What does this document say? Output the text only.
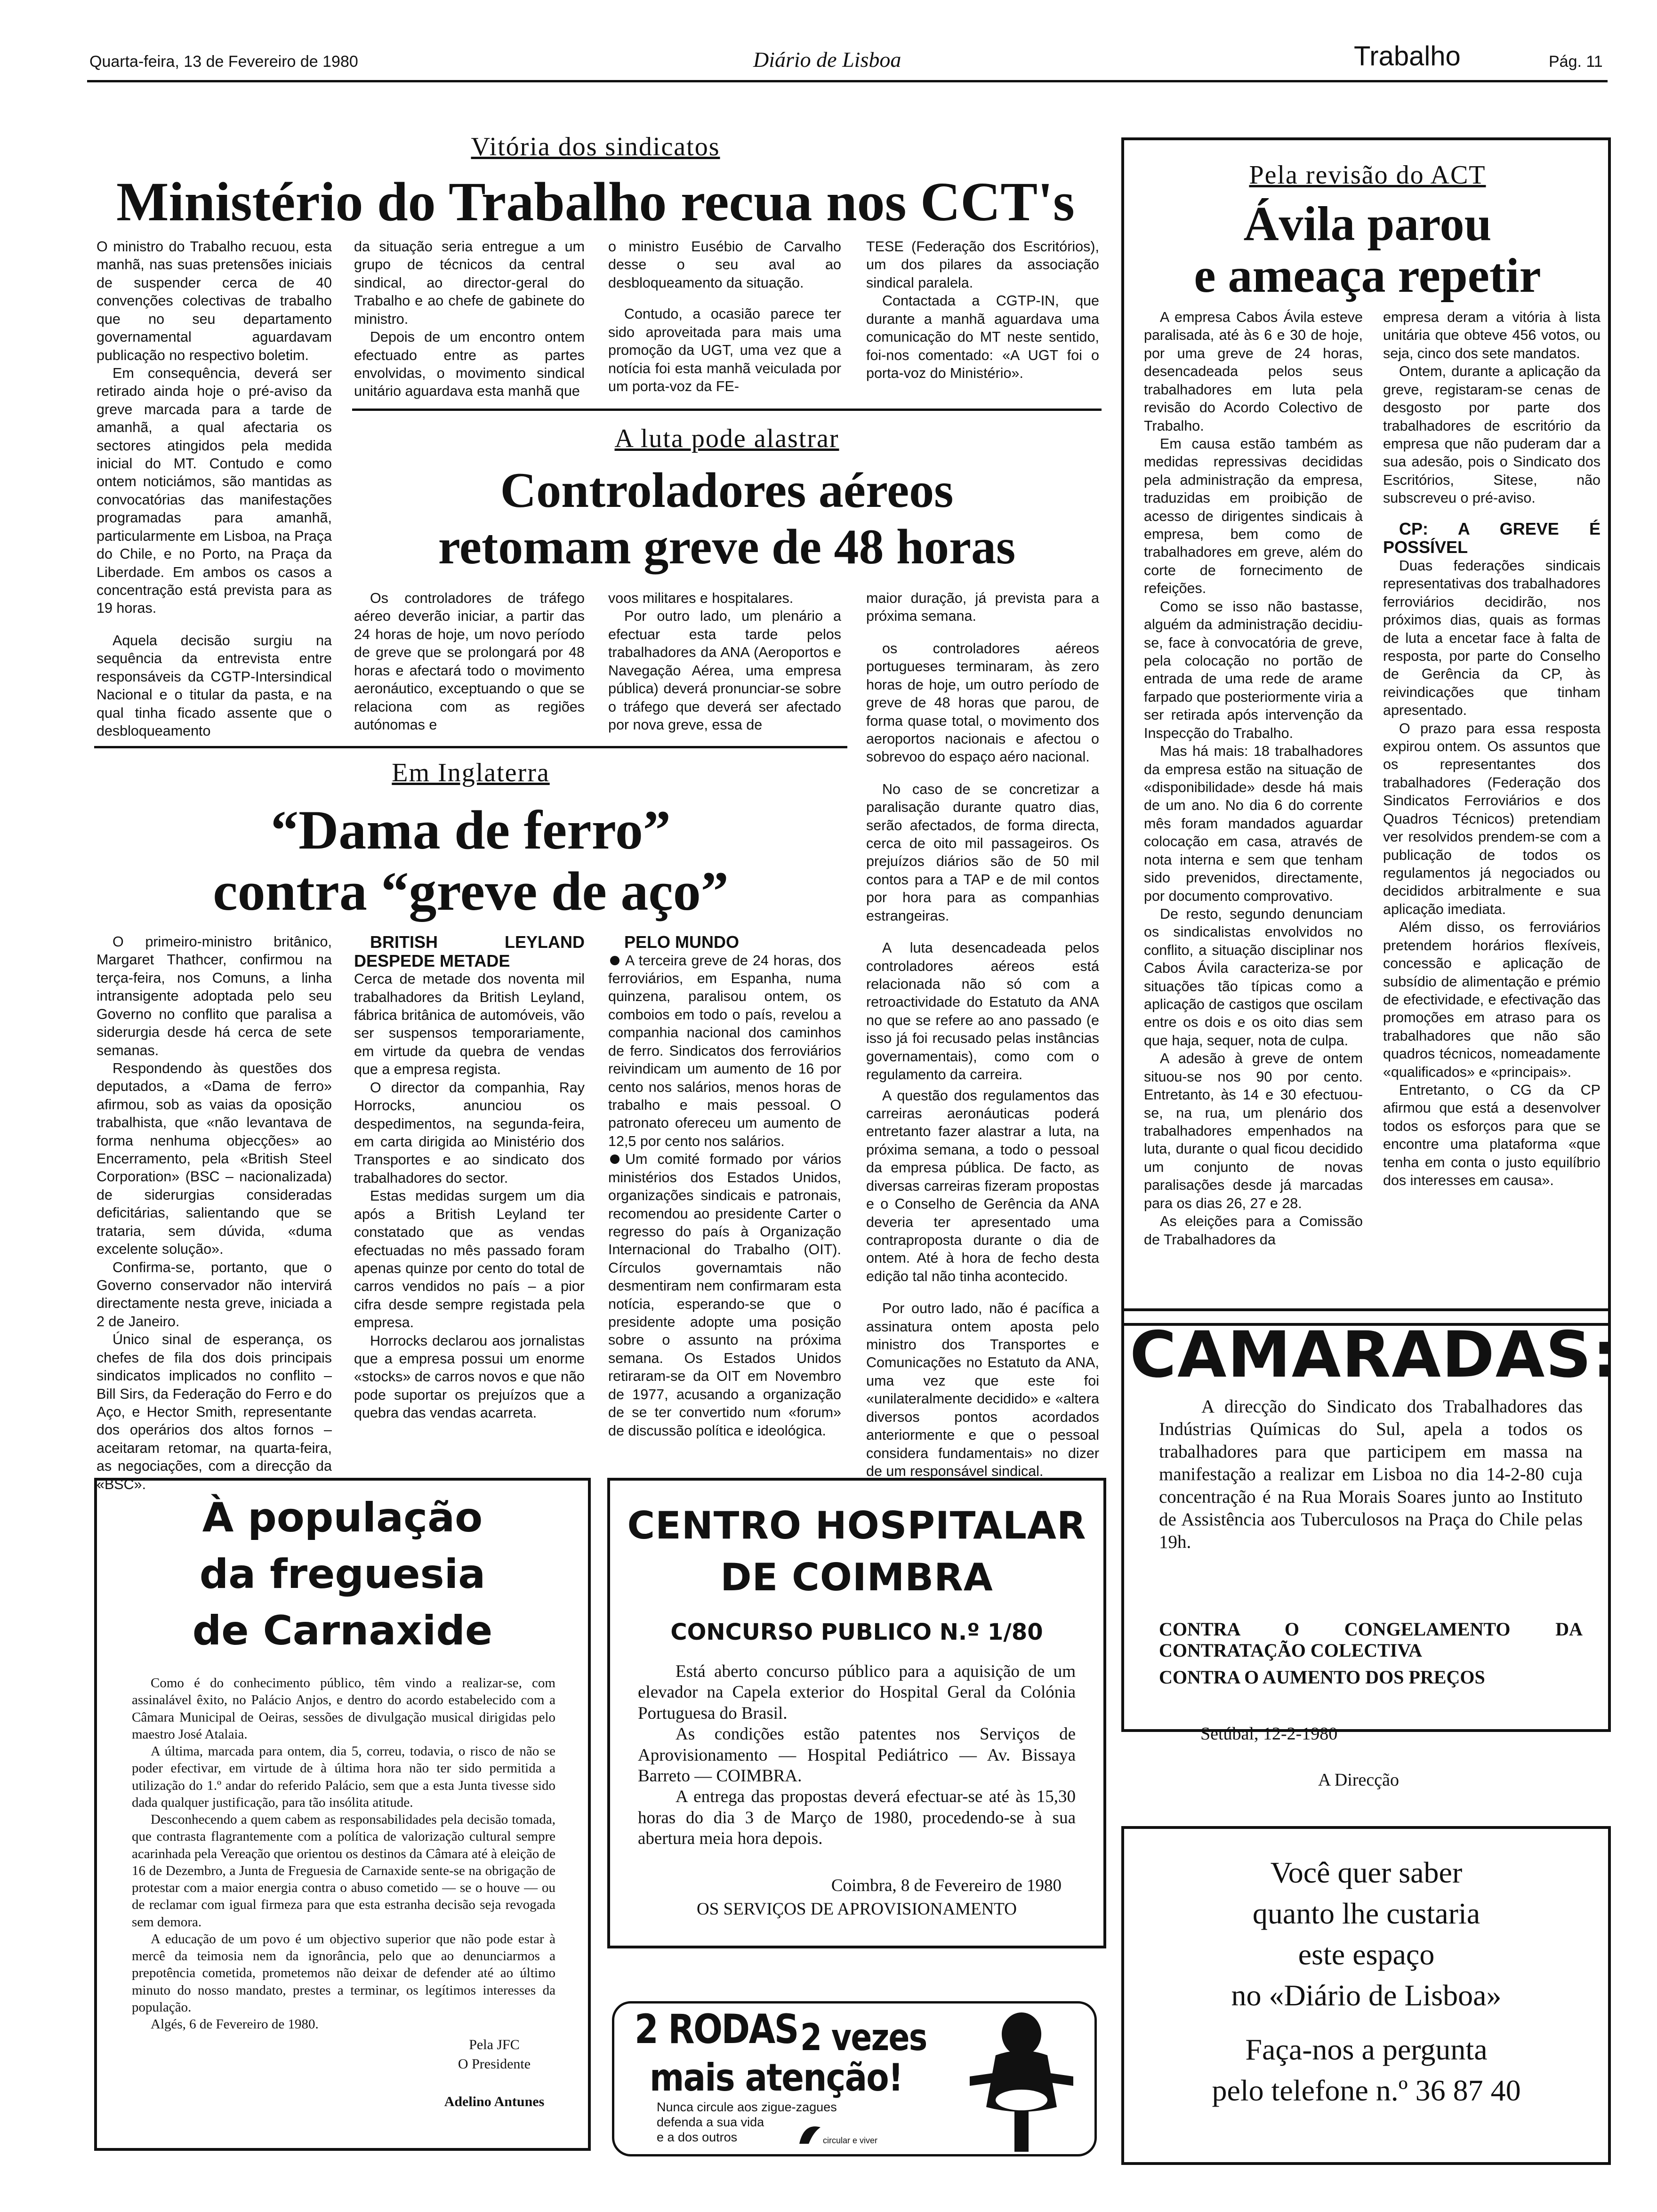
Quarta-feira, 13 de Fevereiro de 1980	Diário de Lisboa	Trabalho	Pág. 11
Vitória dos sindicatos
Ministério do Trabalho recua nos CCT's

O ministro do Trabalho recuou, esta manhã, nas suas pretensões iniciais de suspender cerca de 40 convenções colectivas de trabalho que no seu departamento governamental aguardavam publicação no respectivo boletim.

Em consequência, deverá ser retirado ainda hoje o pré-aviso da greve marcada para a tarde de amanhã, a qual afectaria os sectores atingidos pela medida inicial do MT. Contudo e como ontem noticiámos, são mantidas as convocatórias das manifestações programadas para amanhã, particularmente em Lisboa, na Praça do Chile, e no Porto, na Praça da Liberdade. Em ambos os casos a concentração está prevista para as 19 horas.

Aquela decisão surgiu na sequência da entrevista entre responsáveis da CGTP-Intersindical Nacional e o titular da pasta, e na qual tinha ficado assente que o desbloqueamento

da situação seria entregue a um grupo de técnicos da central sindical, ao director-geral do Trabalho e ao chefe de gabinete do ministro.

Depois de um encontro ontem efectuado entre as partes envolvidas, o movimento sindical unitário aguardava esta manhã que

o ministro Eusébio de Carvalho desse o seu aval ao desbloqueamento da situação.

Contudo, a ocasião parece ter sido aproveitada para mais uma promoção da UGT, uma vez que a notícia foi esta manhã veiculada por um porta-voz da FE-

TESE (Federação dos Escritórios), um dos pilares da associação sindical paralela.

Contactada a CGTP-IN, que durante a manhã aguardava uma comunicação do MT neste sentido, foi-nos comentado: «A UGT foi o porta-voz do Ministério».

A luta pode alastrar
Controladores aéreos
retomam greve de 48 horas

Os controladores de tráfego aéreo deverão iniciar, a partir das 24 horas de hoje, um novo período de greve que se prolongará por 48 horas e afectará todo o movimento aeronáutico, exceptuando o que se relaciona com as regiões autónomas e

voos militares e hospitalares.

Por outro lado, um plenário a efectuar esta tarde pelos trabalhadores da ANA (Aeroportos e Navegação Aérea, uma empresa pública) deverá pronunciar-se sobre o tráfego que deverá ser afectado por nova greve, essa de

maior duração, já prevista para a próxima semana.

os controladores aéreos portugueses terminaram, às zero horas de hoje, um outro período de greve de 48 horas que parou, de forma quase total, o movimento dos aeroportos nacionais e afectou o sobrevoo do espaço aéro nacional.

No caso de se concretizar a paralisação durante quatro dias, serão afectados, de forma directa, cerca de oito mil passageiros. Os prejuízos diários são de 50 mil contos para a TAP e de mil contos por hora para as companhias estrangeiras.

A luta desencadeada pelos controladores aéreos está relacionada não só com a retroactividade do Estatuto da ANA no que se refere ao ano passado (e isso já foi recusado pelas instâncias governamentais), como com o regulamento da carreira.

A questão dos regulamentos das carreiras aeronáuticas poderá entretanto fazer alastrar a luta, na próxima semana, a todo o pessoal da empresa pública. De facto, as diversas carreiras fizeram propostas e o Conselho de Gerência da ANA deveria ter apresentado uma contraproposta durante o dia de ontem. Até à hora de fecho desta edição tal não tinha acontecido.

Por outro lado, não é pacífica a assinatura ontem aposta pelo ministro dos Transportes e Comunicações no Estatuto da ANA, uma vez que este foi «unilateralmente decidido» e «altera diversos pontos acordados anteriormente e que o pessoal considera fundamentais» no dizer de um responsável sindical.

Em Inglaterra
“Dama de ferro”
contra “greve de aço”

O primeiro-ministro britânico, Margaret Thathcer, confirmou na terça-feira, nos Comuns, a linha intransigente adoptada pelo seu Governo no conflito que paralisa a siderurgia desde há cerca de sete semanas.

Respondendo às questões dos deputados, a «Dama de ferro» afirmou, sob as vaias da oposição trabalhista, que «não levantava de forma nenhuma objecções» ao Encerramento, pela «British Steel Corporation» (BSC – nacionalizada) de siderurgias consideradas deficitárias, salientando que se trataria, sem dúvida, «duma excelente solução».

Confirma-se, portanto, que o Governo conservador não intervirá directamente nesta greve, iniciada a 2 de Janeiro.

Único sinal de esperança, os chefes de fila dos dois principais sindicatos implicados no conflito – Bill Sirs, da Federação do Ferro e do Aço, e Hector Smith, representante dos operários dos altos fornos – aceitaram retomar, na quarta-feira, as negociações, com a direcção da «BSC».

BRITISH LEYLAND DESPEDE METADE

Cerca de metade dos noventa mil trabalhadores da British Leyland, fábrica britânica de automóveis, vão ser suspensos temporariamente, em virtude da quebra de vendas que a empresa regista.

O director da companhia, Ray Horrocks, anunciou os despedimentos, na segunda-feira, em carta dirigida ao Ministério dos Transportes e ao sindicato dos trabalhadores do sector.

Estas medidas surgem um dia após a British Leyland ter constatado que as vendas efectuadas no mês passado foram apenas quinze por cento do total de carros vendidos no país – a pior cifra desde sempre registada pela empresa.

Horrocks declarou aos jornalistas que a empresa possui um enorme «stocks» de carros novos e que não pode suportar os prejuízos que a quebra das vendas acarreta.

PELO MUNDO

A terceira greve de 24 horas, dos ferroviários, em Espanha, numa quinzena, paralisou ontem, os comboios em todo o país, revelou a companhia nacional dos caminhos de ferro. Sindicatos dos ferroviários reivindicam um aumento de 16 por cento nos salários, menos horas de trabalho e mais pessoal. O patronato ofereceu um aumento de 12,5 por cento nos salários.

Um comité formado por vários ministérios dos Estados Unidos, organizações sindicais e patronais, recomendou ao presidente Carter o regresso do país à Organização Internacional do Trabalho (OIT). Círculos governamtais não desmentiram nem confirmaram esta notícia, esperando-se que o presidente adopte uma posição sobre o assunto na próxima semana. Os Estados Unidos retiraram-se da OIT em Novembro de 1977, acusando a organização de se ter convertido num «forum» de discussão política e ideológica.

Pela revisão do ACT
Ávila parou
e ameaça repetir

A empresa Cabos Ávila esteve paralisada, até às 6 e 30 de hoje, por uma greve de 24 horas, desencadeada pelos seus trabalhadores em luta pela revisão do Acordo Colectivo de Trabalho.

Em causa estão também as medidas repressivas decididas pela administração da empresa, traduzidas em proibição de acesso de dirigentes sindicais à empresa, bem como de trabalhadores em greve, além do corte de fornecimento de refeições.

Como se isso não bastasse, alguém da administração decidiu-se, face à convocatória de greve, pela colocação no portão de entrada de uma rede de arame farpado que posteriormente viria a ser retirada após intervenção da Inspecção do Trabalho.

Mas há mais: 18 trabalhadores da empresa estão na situação de «disponibilidade» desde há mais de um ano. No dia 6 do corrente mês foram mandados aguardar colocação em casa, através de nota interna e sem que tenham sido prevenidos, directamente, por documento comprovativo.

De resto, segundo denunciam os sindicalistas envolvidos no conflito, a situação disciplinar nos Cabos Ávila caracteriza-se por situações tão típicas como a aplicação de castigos que oscilam entre os dois e os oito dias sem que haja, sequer, nota de culpa.

A adesão à greve de ontem situou-se nos 90 por cento. Entretanto, às 14 e 30 efectuou-se, na rua, um plenário dos trabalhadores empenhados na luta, durante o qual ficou decidido um conjunto de novas paralisações desde já marcadas para os dias 26, 27 e 28.

As eleições para a Comissão de Trabalhadores da

empresa deram a vitória à lista unitária que obteve 456 votos, ou seja, cinco dos sete mandatos.

Ontem, durante a aplicação da greve, registaram-se cenas de desgosto por parte dos trabalhadores de escritório da empresa que não puderam dar a sua adesão, pois o Sindicato dos Escritórios, Sitese, não subscreveu o pré-aviso.

CP: A GREVE É POSSÍVEL

Duas federações sindicais representativas dos trabalhadores ferroviários decidirão, nos próximos dias, quais as formas de luta a encetar face à falta de resposta, por parte do Conselho de Gerência da CP, às reivindicações que tinham apresentado.

O prazo para essa resposta expirou ontem. Os assuntos que os representantes dos trabalhadores (Federação dos Sindicatos Ferroviários e dos Quadros Técnicos) pretendiam ver resolvidos prendem-se com a publicação de todos os regulamentos já negociados ou decididos arbitralmente e sua aplicação imediata.

Além disso, os ferroviários pretendem horários flexíveis, concessão e aplicação de subsídio de alimentação e prémio de efectividade, e efectivação das promoções em atraso para os trabalhadores que não são quadros técnicos, nomeadamente «qualificados» e «principais».

Entretanto, o CG da CP afirmou que está a desenvolver todos os esforços para que se encontre uma plataforma «que tenha em conta o justo equilíbrio dos interesses em causa».

CAMARADAS:
A direcção do Sindicato dos Trabalhadores das Indústrias Químicas do Sul, apela a todos os trabalhadores para que participem em massa na manifestação a realizar em Lisboa no dia 14-2-80 cuja concentração é na Rua Morais Soares junto ao Instituto de Assistência aos Tuberculosos na Praça do Chile pelas 19h.
CONTRA O CONGELAMENTO DA CONTRATAÇÃO COLECTIVA
CONTRA O AUMENTO DOS PREÇOS
Setúbal, 12-2-1980
A Direcção
À população
da freguesia
de Carnaxide

Como é do conhecimento público, têm vindo a realizar-se, com assinalável êxito, no Palácio Anjos, e dentro do acordo estabelecido com a Câmara Municipal de Oeiras, sessões de divulgação musical dirigidas pelo maestro José Atalaia.

A última, marcada para ontem, dia 5, correu, todavia, o risco de não se poder efectivar, em virtude de à última hora não ter sido permitida a utilização do 1.º andar do referido Palácio, sem que a esta Junta tivesse sido dada qualquer justificação, para tão insólita atitude.

Desconhecendo a quem cabem as responsabilidades pela decisão tomada, que contrasta flagrantemente com a política de valorização cultural sempre acarinhada pela Vereação que orientou os destinos da Câmara até à eleição de 16 de Dezembro, a Junta de Freguesia de Carnaxide sente-se na obrigação de protestar com a maior energia contra o abuso cometido — se o houve — ou de reclamar com igual firmeza para que esta estranha decisão seja revogada sem demora.

A educação de um povo é um objectivo superior que não pode estar à mercê da teimosia nem da ignorância, pelo que ao denunciarmos a prepotência cometida, prometemos não deixar de defender até ao último minuto do nosso mandato, prestes a terminar, os legítimos interesses da população.

Algés, 6 de Fevereiro de 1980.

Pela JFC
O Presidente
Adelino Antunes
CENTRO HOSPITALAR
DE COIMBRA
CONCURSO PUBLICO N.º 1/80

Está aberto concurso público para a aquisição de um elevador na Capela exterior do Hospital Geral da Colónia Portuguesa do Brasil.

As condições estão patentes nos Serviços de Aprovisionamento — Hospital Pediátrico — Av. Bissaya Barreto — COIMBRA.

A entrega das propostas deverá efectuar-se até às 15,30 horas do dia 3 de Março de 1980, procedendo-se à sua abertura meia hora depois.

Coimbra, 8 de Fevereiro de 1980
OS SERVIÇOS DE APROVISIONAMENTO
2 RODAS 2 vezes
mais atenção!
Nunca circule aos zigue-zagues
defenda a sua vida
e a dos outros	circular e viver
Você quer saber
quanto lhe custaria
este espaço
no «Diário de Lisboa»
Faça-nos a pergunta
pelo telefone n.º 36 87 40
